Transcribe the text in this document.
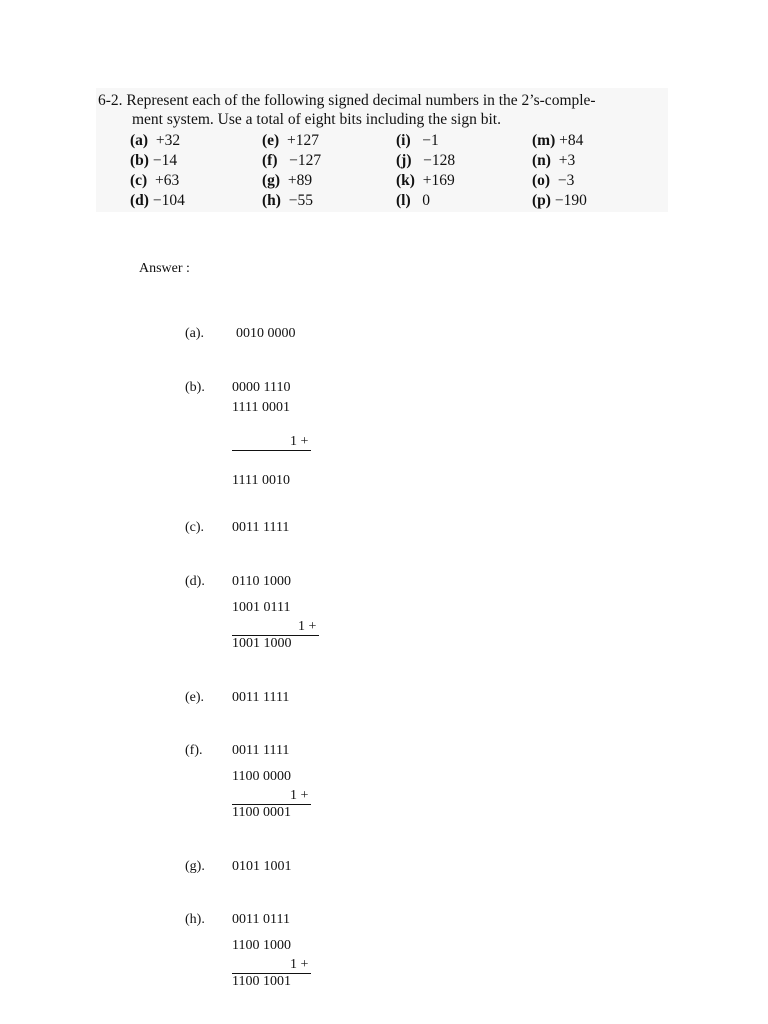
6-2. Represent each of the following signed decimal numbers in the 2’s-comple-
ment system. Use a total of eight bits including the sign bit.
(a) +32
(b) −14
(c) +63
(d) −104
(e) +127
(f) −127
(g) +89
(h) −55
(i) −1
(j) −128
(k) +169
(l) 0
(m) +84
(n) +3
(o) −3
(p) −190
Answer :
(a). 0010 0000
(b). 0000 1110
1111 0001
1 +
1111 0010
(c). 0011 1111
(d). 0110 1000
1001 0111
1 +
1001 1000
(e). 0011 1111
(f). 0011 1111
1100 0000
1 +
1100 0001
(g). 0101 1001
(h). 0011 0111
1100 1000
1 +
1100 1001
